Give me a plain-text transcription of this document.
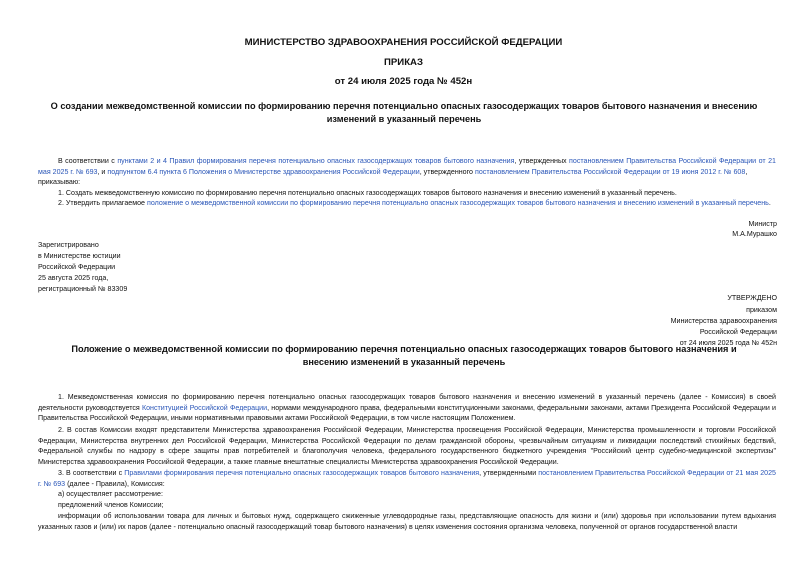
МИНИСТЕРСТВО ЗДРАВООХРАНЕНИЯ РОССИЙСКОЙ ФЕДЕРАЦИИ
ПРИКАЗ
от 24 июля 2025 года № 452н
О создании межведомственной комиссии по формированию перечня потенциально опасных газосодержащих товаров бытового назначения и внесению изменений в указанный перечень
В соответствии с пунктами 2 и 4 Правил формирования перечня потенциально опасных газосодержащих товаров бытового назначения, утвержденных постановлением Правительства Российской Федерации от 21 мая 2025 г. № 693, и подпунктом 6.4 пункта 6 Положения о Министерстве здравоохранения Российской Федерации, утвержденного постановлением Правительства Российской Федерации от 19 июня 2012 г. № 608,
приказываю:
1. Создать межведомственную комиссию по формированию перечня потенциально опасных газосодержащих товаров бытового назначения и внесению изменений в указанный перечень.
2. Утвердить прилагаемое положение о межведомственной комиссии по формированию перечня потенциально опасных газосодержащих товаров бытового назначения и внесению изменений в указанный перечень.
Министр
М.А.Мурашко
Зарегистрировано
в Министерстве юстиции
Российской Федерации
25 августа 2025 года,
регистрационный № 83309
УТВЕРЖДЕНО
приказом
Министерства здравоохранения
Российской Федерации
от 24 июля 2025 года № 452н
Положение о межведомственной комиссии по формированию перечня потенциально опасных газосодержащих товаров бытового назначения и внесению изменений в указанный перечень
1. Межведомственная комиссия по формированию перечня потенциально опасных газосодержащих товаров бытового назначения и внесению изменений в указанный перечень (далее - Комиссия) в своей деятельности руководствуется Конституцией Российской Федерации, нормами международного права, федеральными конституционными законами, федеральными законами, актами Президента Российской Федерации и Правительства Российской Федерации, иными нормативными правовыми актами Российской Федерации, в том числе настоящим Положением.
2. В состав Комиссии входят представители Министерства здравоохранения Российской Федерации, Министерства просвещения Российской Федерации, Министерства промышленности и торговли Российской Федерации, Министерства внутренних дел Российской Федерации, Министерства Российской Федерации по делам гражданской обороны, чрезвычайным ситуациям и ликвидации последствий стихийных бедствий, Федеральной службы по надзору в сфере защиты прав потребителей и благополучия человека, федерального государственного бюджетного учреждения "Российский центр судебно-медицинской экспертизы" Министерства здравоохранения Российской Федерации, а также главные внештатные специалисты Министерства здравоохранения Российской Федерации.
3. В соответствии с Правилами формирования перечня потенциально опасных газосодержащих товаров бытового назначения, утвержденными постановлением Правительства Российской Федерации от 21 мая 2025 г. № 693 (далее - Правила), Комиссия:
а) осуществляет рассмотрение:
предложений членов Комиссии;
информации об использовании товара для личных и бытовых нужд, содержащего сжиженные углеводородные газы, представляющие опасность для жизни и (или) здоровья при использовании путем вдыхания указанных газов и (или) их паров (далее - потенциально опасный газосодержащий товар бытового назначения) в целях изменения состояния организма человека, полученной от органов государственной власти
